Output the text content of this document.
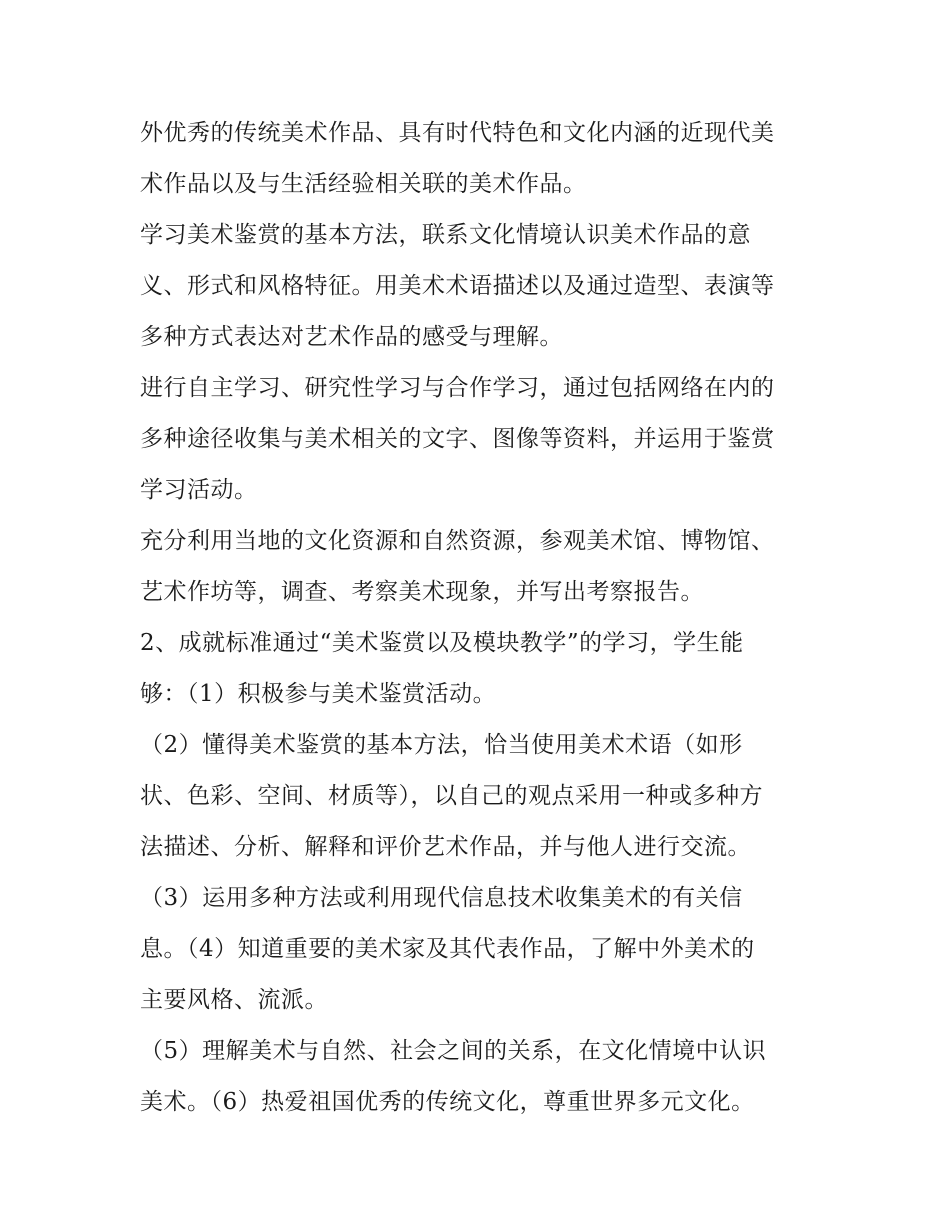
外优秀的传统美术作品、具有时代特色和文化内涵的近现代美
术作品以及与生活经验相关联的美术作品。
学习美术鉴赏的基本方法，联系文化情境认识美术作品的意
义、形式和风格特征。用美术术语描述以及通过造型、表演等
多种方式表达对艺术作品的感受与理解。
进行自主学习、研究性学习与合作学习，通过包括网络在内的
多种途径收集与美术相关的文字、图像等资料，并运用于鉴赏
学习活动。
充分利用当地的文化资源和自然资源，参观美术馆、博物馆、
艺术作坊等，调查、考察美术现象，并写出考察报告。
2、成就标准通过“美术鉴赏以及模块教学”的学习，学生能
够：（1）积极参与美术鉴赏活动。
（2）懂得美术鉴赏的基本方法，恰当使用美术术语（如形
状、色彩、空间、材质等），以自己的观点采用一种或多种方
法描述、分析、解释和评价艺术作品，并与他人进行交流。
（3）运用多种方法或利用现代信息技术收集美术的有关信
息。（4）知道重要的美术家及其代表作品，了解中外美术的
主要风格、流派。
（5）理解美术与自然、社会之间的关系，在文化情境中认识
美术。（6）热爱祖国优秀的传统文化，尊重世界多元文化。
